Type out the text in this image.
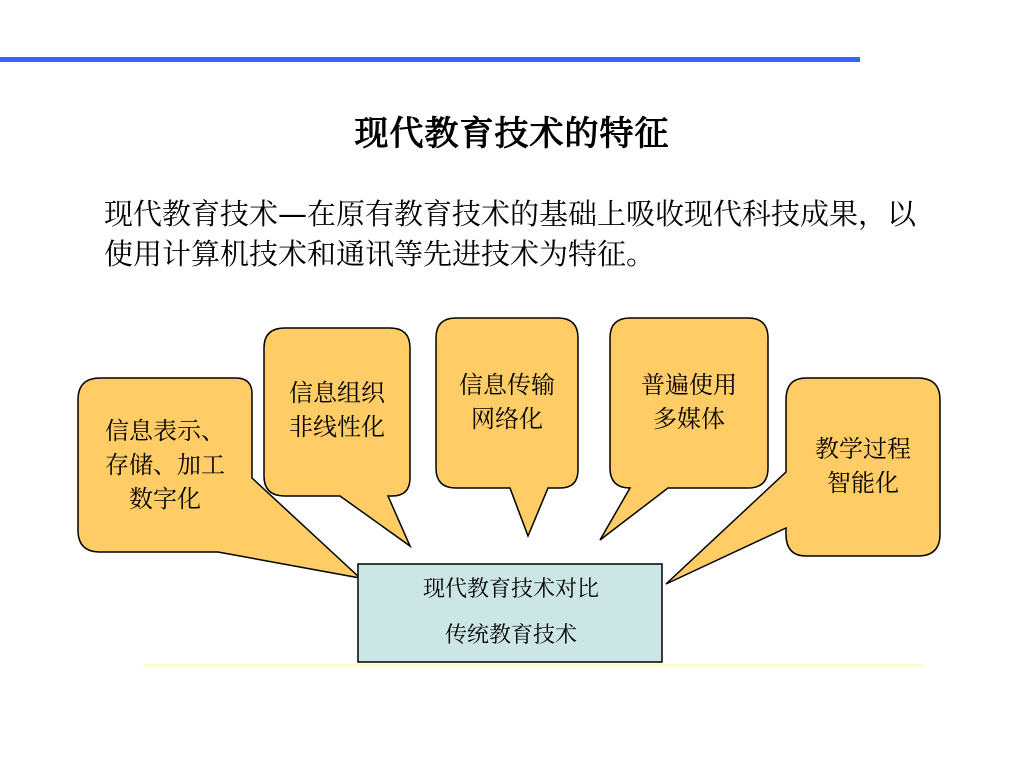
现代教育技术的特征
现代教育技术—在原有教育技术的基础上吸收现代科技成果，以使用计算机技术和通讯等先进技术为特征。
信息表示、
存储、加工
数字化
信息组织
非线性化
信息传输
网络化
普遍使用
多媒体
教学过程
智能化
现代教育技术对比
传统教育技术
